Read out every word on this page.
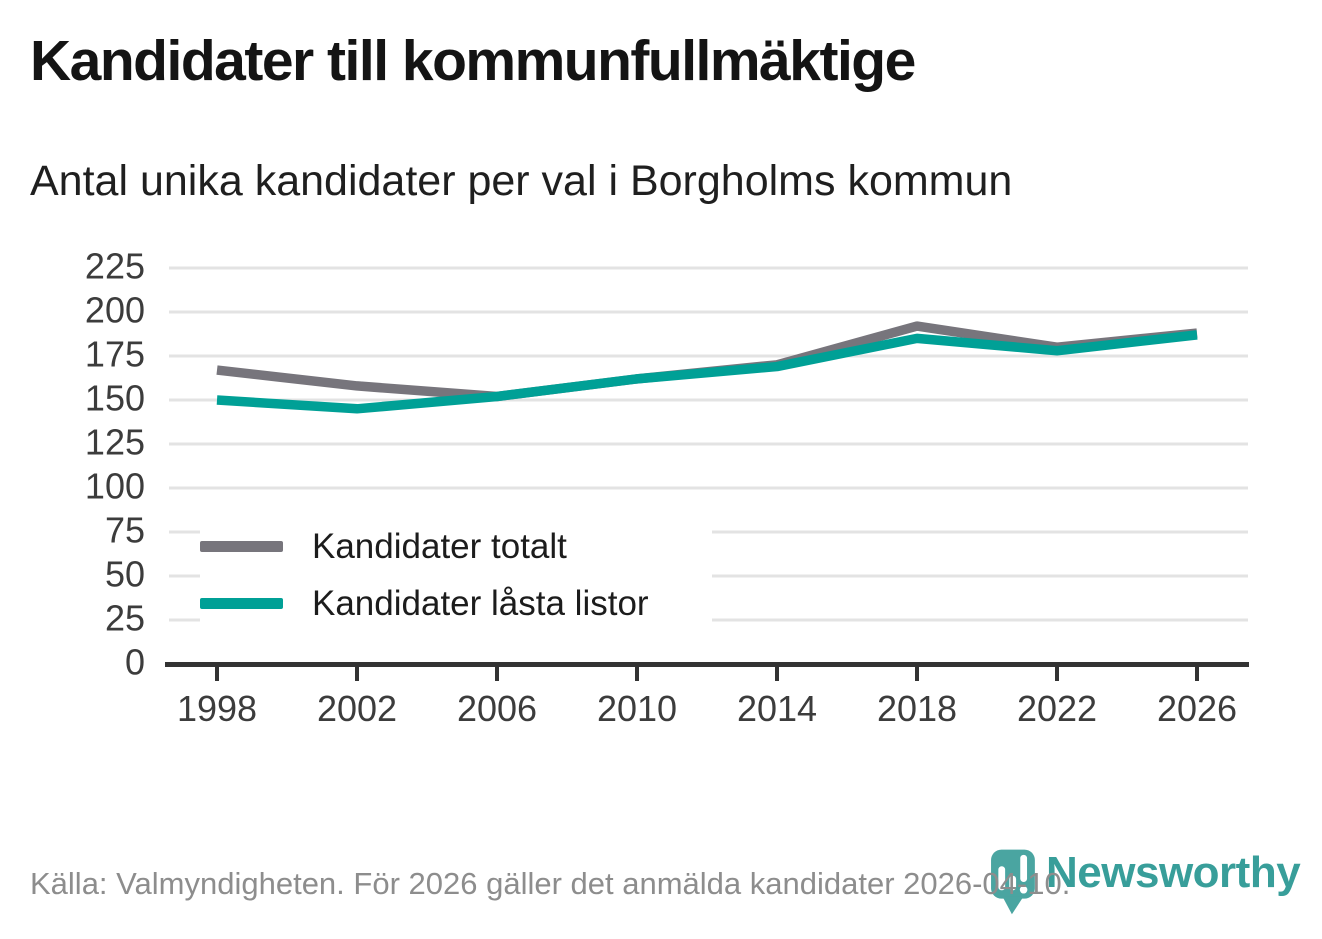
Kandidater till kommunfullmäktige
Antal unika kandidater per val i Borgholms kommun
0
25
50
75
100
125
150
175
200
225
1998 2002 2006 2010 2014 2018 2022 2026
Kandidater totalt
Kandidater låsta listor
Källa: Valmyndigheten. För 2026 gäller det anmälda kandidater 2026-04-10.
Newsworthy
